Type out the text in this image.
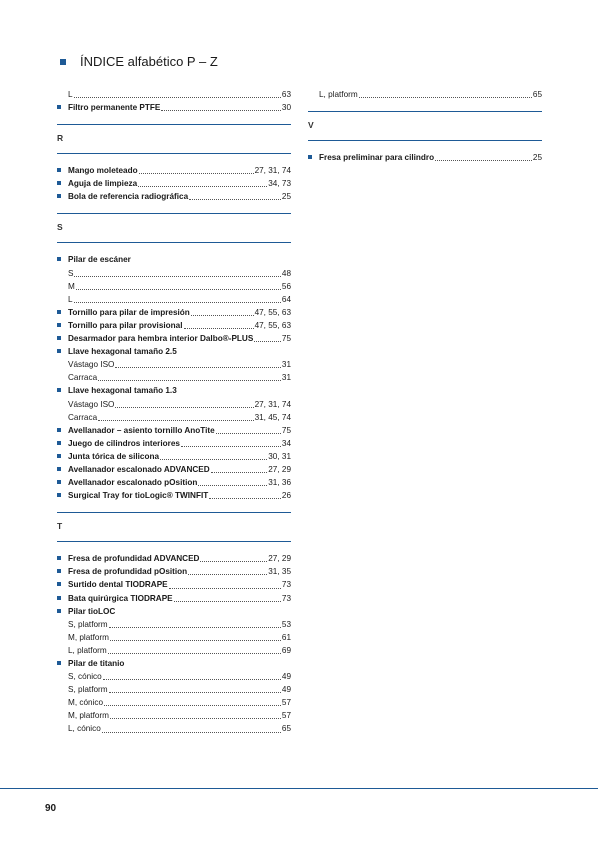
ÍNDICE alfabético P – Z
L	63
Filtro permanente PTFE	30
R
Mango moleteado	27, 31, 74
Aguja de limpieza	34, 73
Bola de referencia radiográfica	25
S
Pilar de escáner
S	48
M	56
L	64
Tornillo para pilar de impresión	47, 55, 63
Tornillo para pilar provisional	47, 55, 63
Desarmador para hembra interior Dalbo®-PLUS	75
Llave hexagonal tamaño 2.5
Vástago ISO	31
Carraca	31
Llave hexagonal tamaño 1.3
Vástago ISO	27, 31, 74
Carraca	31, 45, 74
Avellanador – asiento tornillo AnoTite	75
Juego de cilindros interiores	34
Junta tórica de silicona	30, 31
Avellanador escalonado ADVANCED	27, 29
Avellanador escalonado pOsition	31, 36
Surgical Tray for tioLogic® TWINFIT	26
T
Fresa de profundidad ADVANCED	27, 29
Fresa de profundidad pOsition	31, 35
Surtido dental TIODRAPE	73
Bata quirúrgica TIODRAPE	73
Pilar tioLOC
S, platform	53
M, platform	61
L, platform	69
Pilar de titanio
S, cónico	49
S, platform	49
M, cónico	57
M, platform	57
L, cónico	65
L, platform	65
V
Fresa preliminar para cilindro	25
90
